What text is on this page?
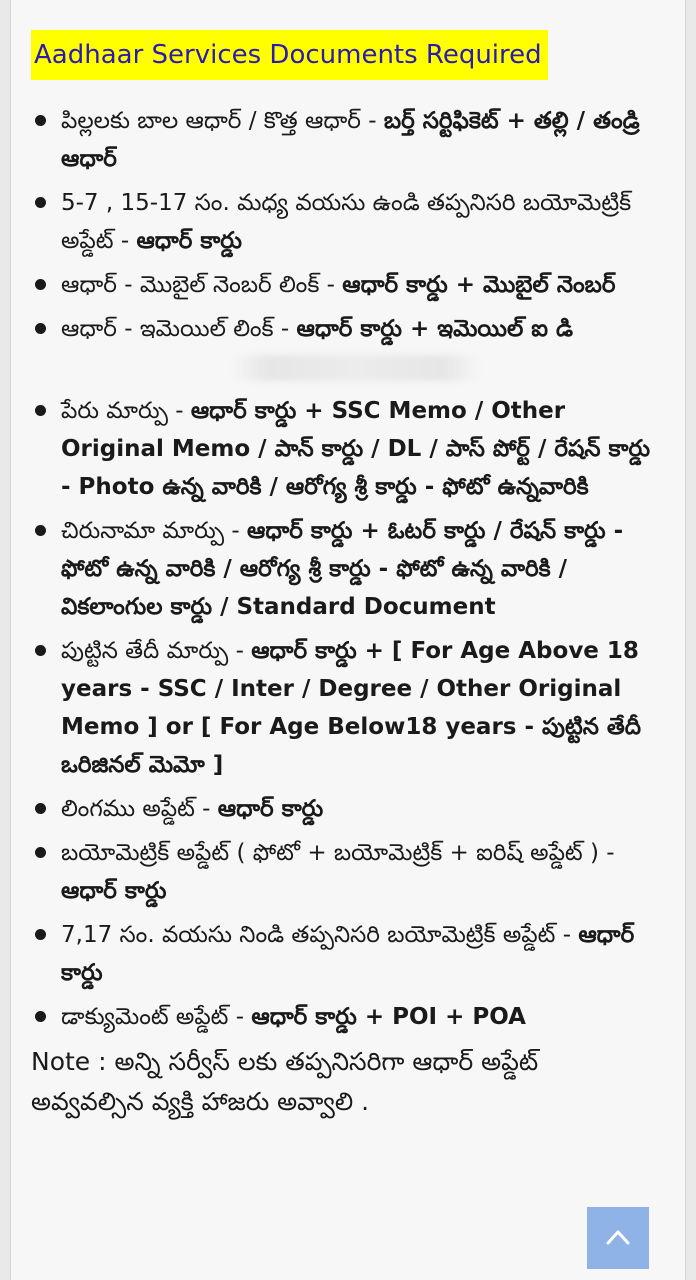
Aadhaar Services Documents Required
పిల్లలకు బాల ఆధార్ / కొత్త ఆధార్ - బర్త్ సర్టిఫికెట్ + తల్లి / తండ్రి ఆధార్
5-7 , 15-17 సం. మధ్య వయసు ఉండి తప్పనిసరి బయోమెట్రిక్ అప్డేట్ - ఆధార్ కార్డు
ఆధార్ - మొబైల్ నెంబర్ లింక్ - ఆధార్ కార్డు + మొబైల్ నెంబర్
ఆధార్ - ఇమెయిల్ లింక్ - ఆధార్ కార్డు + ఇమెయిల్ ఐ డి
పేరు మార్పు - ఆధార్ కార్డు + SSC Memo / Other Original Memo / పాన్ కార్డు / DL / పాస్ పోర్ట్ / రేషన్ కార్డు - Photo ఉన్న వారికి / ఆరోగ్య శ్రీ కార్డు - ఫోటో ఉన్నవారికి
చిరునామా మార్పు - ఆధార్ కార్డు + ఓటర్ కార్డు / రేషన్ కార్డు - ఫోటో ఉన్న వారికి / ఆరోగ్య శ్రీ కార్డు - ఫోటో ఉన్న వారికి / వికలాంగుల కార్డు / Standard Document
పుట్టిన తేదీ మార్పు - ఆధార్ కార్డు + [ For Age Above 18 years - SSC / Inter / Degree / Other Original Memo ] or [ For Age Below18 years - పుట్టిన తేదీ ఒరిజినల్ మెమో ]
లింగము అప్డేట్ - ఆధార్ కార్డు
బయోమెట్రిక్ అప్డేట్ ( ఫోటో + బయోమెట్రిక్ + ఐరిష్ అప్డేట్ ) - ఆధార్ కార్డు
7,17 సం. వయసు నిండి తప్పనిసరి బయోమెట్రిక్ అప్డేట్ - ఆధార్ కార్డు
డాక్యుమెంట్ అప్డేట్ - ఆధార్ కార్డు + POI + POA

Note : అన్ని సర్వీస్ లకు తప్పనిసరిగా ఆధార్ అప్డేట్ అవ్వవల్సిన వ్యక్తి హాజరు అవ్వాలి .
